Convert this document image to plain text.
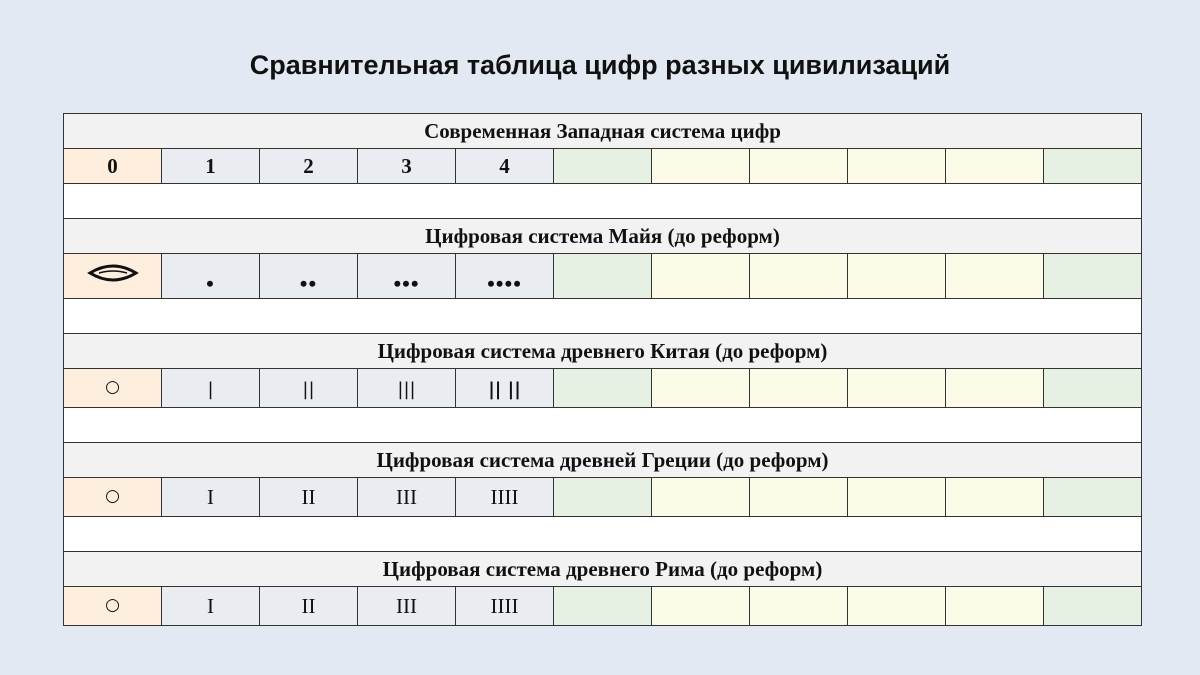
Сравнительная таблица цифр разных цивилизаций
Современная Западная система цифр										
0	1	2	3	4						

Цифровая система Майя (до реформ)										
	•	••	•••	••••						

Цифровая система древнего Китая (до реформ)										
○	|	||	|||	|| ||						

Цифровая система древней Греции (до реформ)										
○	I	II	III	IIII						

Цифровая система древнего Рима (до реформ)										
○	I	II	III	IIII						
